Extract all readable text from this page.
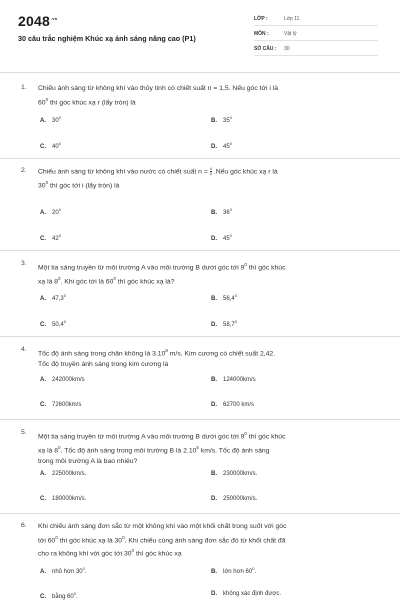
$2048^{.vn}$
30 câu trắc nghiệm Khúc xạ ánh sáng nâng cao (P1)
LỚP :	Lớp 11
MÔN :	Vật lý
SỐ CÂU : 30
1. Chiếu ánh sáng từ không khí vào thủy tinh có chiết suất n = 1,5. Nếu góc tới i là
$60^0$ thì góc khúc xạ r (lấy tròn) là
A. $30^0$
B. $35^0$
C. $40^0$
D. $45^0$
2. Chiếu ánh sáng từ không khí vào nước có chiết suất $n = \frac{4}{3}$ .Nếu góc khúc xạ r là
$30^0$ thì góc tới i (lấy tròn) là
A. $20^0$
B. $36^0$
C. $42^0$
D. $45^0$
3.
Một tia sáng truyền từ môi trường A vào môi trường B dưới góc tới $9^0$ thì góc khúc
xạ là $8^0$. Khi góc tới là $60^0$ thì góc khúc xạ là?
A. 47,3$^0$
B. 56,4$^0$
C. 50,4$^0$
D. 58,7$^0$
4.
Tốc độ ánh sáng trong chân không là 3.10$^8$ m/s. Kim cương có chiết suất 2,42.
Tốc độ truyền ánh sáng trong kim cương là
A. 242000km/s	B. 124000km/s
C. 72600km/s	D. 62700 km/s
5.
Một tia sáng truyền từ môi trường A vào môi trường B dưới góc tới $9^0$ thì góc khúc
xạ là $8^0$. Tốc độ ánh sáng trong môi trường B là 2.10$^5$ km/s. Tốc độ ánh sáng
trong môi trường A là bao nhiêu?
A. 225000km/s.	B. 230000km/s.
C. 180000km/s.	D. 250000km/s.
6. Khi chiếu ánh sáng đơn sắc từ một không khí vào một khối chất trong suốt với góc
tới $60^0$ thì góc khúc xạ là $30^0$. Khi chiếu cùng ánh sáng đơn sắc đó từ khối chất đã
cho ra không khí với góc tới $30^0$ thì góc khúc xạ
A. nhỏ hơn $30^0$.	B. lớn hơn $60^0$.
C. bằng $60^0$.	D. không xác định được.
